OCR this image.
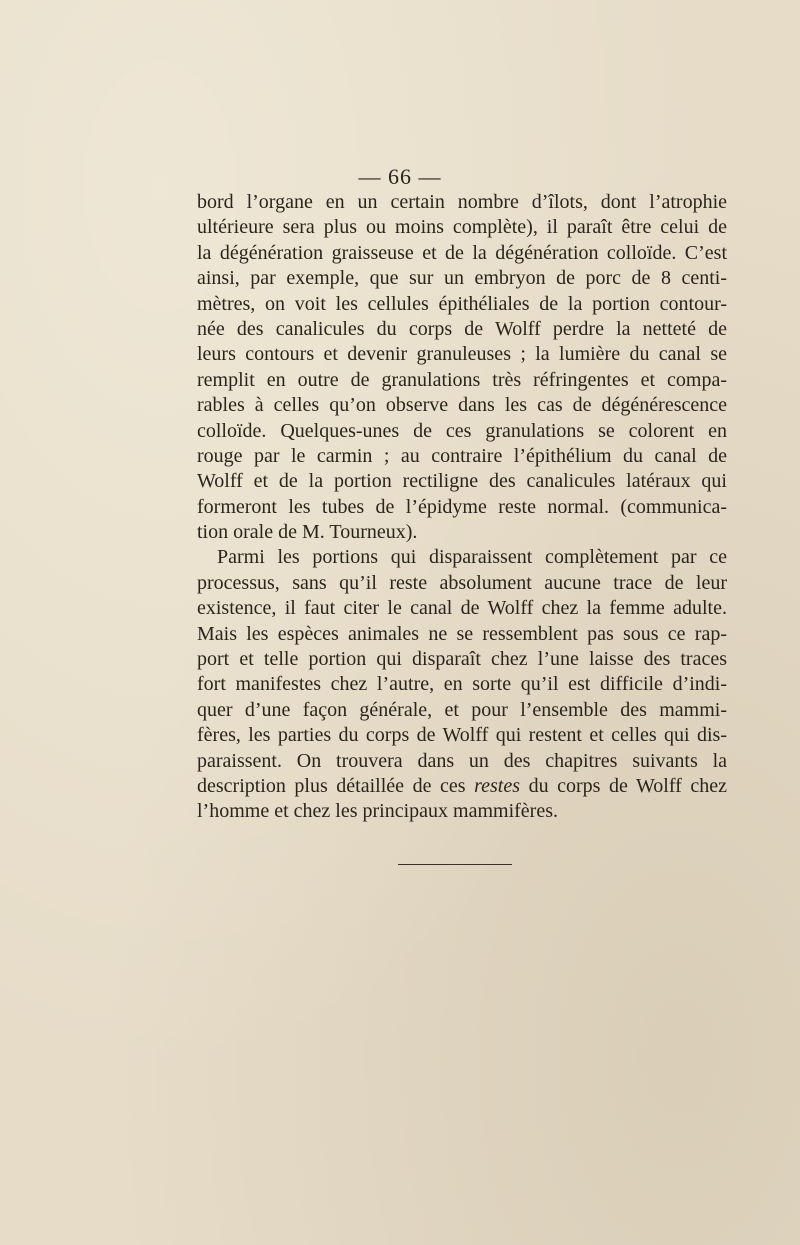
— 66 —
bord l’organe en un certain nombre d’îlots, dont l’atrophie
ultérieure sera plus ou moins complète), il paraît être celui de
la dégénération graisseuse et de la dégénération colloïde. C’est
ainsi, par exemple, que sur un embryon de porc de 8 centi-
mètres, on voit les cellules épithéliales de la portion contour-
née des canalicules du corps de Wolff perdre la netteté de
leurs contours et devenir granuleuses ; la lumière du canal se
remplit en outre de granulations très réfringentes et compa-
rables à celles qu’on observe dans les cas de dégénérescence
colloïde. Quelques-unes de ces granulations se colorent en
rouge par le carmin ; au contraire l’épithélium du canal de
Wolff et de la portion rectiligne des canalicules latéraux qui
formeront les tubes de l’épidyme reste normal. (communica-
tion orale de M. Tourneux).
Parmi les portions qui disparaissent complètement par ce
processus, sans qu’il reste absolument aucune trace de leur
existence, il faut citer le canal de Wolff chez la femme adulte.
Mais les espèces animales ne se ressemblent pas sous ce rap-
port et telle portion qui disparaît chez l’une laisse des traces
fort manifestes chez l’autre, en sorte qu’il est difficile d’indi-
quer d’une façon générale, et pour l’ensemble des mammi-
fères, les parties du corps de Wolff qui restent et celles qui dis-
paraissent. On trouvera dans un des chapitres suivants la
description plus détaillée de ces restes du corps de Wolff chez
l’homme et chez les principaux mammifères.
